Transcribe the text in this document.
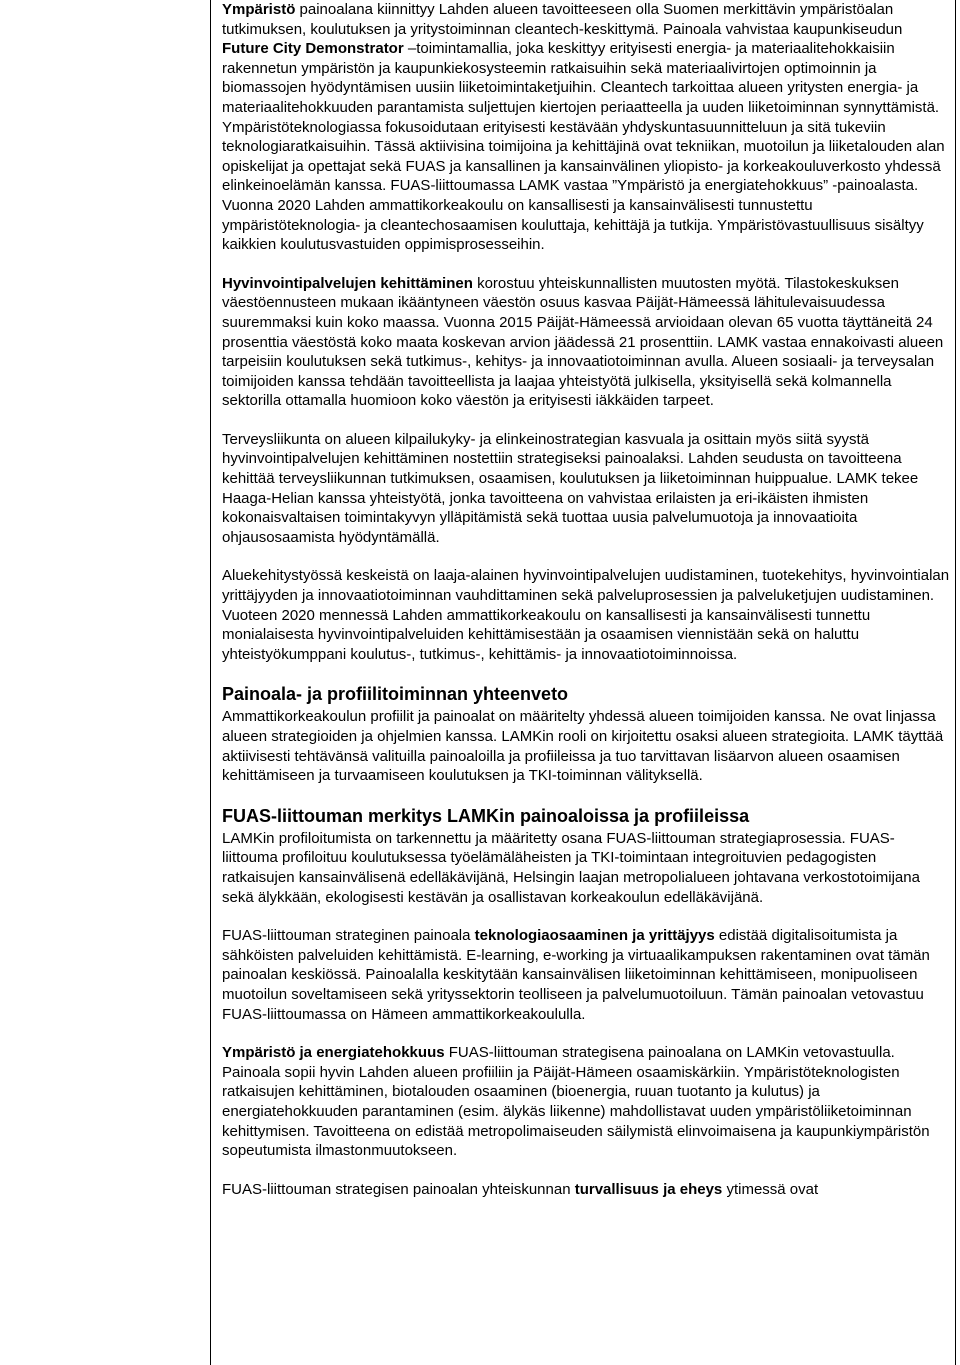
Ympäristö painoalana kiinnittyy Lahden alueen tavoitteeseen olla Suomen merkittävin ympäristöalan tutkimuksen, koulutuksen ja yritystoiminnan cleantech-keskittymä. Painoala vahvistaa kaupunkiseudun Future City Demonstrator –toimintamallia, joka keskittyy erityisesti energia- ja materiaalitehokkaisiin rakennetun ympäristön ja kaupunkiekosysteemin ratkaisuihin sekä materiaalivirtojen optimoinnin ja biomassojen hyödyntämisen uusiin liiketoimintaketjuihin. Cleantech tarkoittaa alueen yritysten energia- ja materiaalitehokkuuden parantamista suljettujen kiertojen periaatteella ja uuden liiketoiminnan synnyttämistä. Ympäristöteknologiassa fokusoidutaan erityisesti kestävään yhdyskuntasuunnitteluun ja sitä tukeviin teknologiaratkaisuihin. Tässä aktiivisina toimijoina ja kehittäjinä ovat tekniikan, muotoilun ja liiketalouden alan opiskelijat ja opettajat sekä FUAS ja kansallinen ja kansainvälinen yliopisto- ja korkeakouluverkosto yhdessä elinkeinoelämän kanssa. FUAS-liittoumassa LAMK vastaa ”Ympäristö ja energiatehokkuus” -painoalasta. Vuonna 2020 Lahden ammattikorkeakoulu on kansallisesti ja kansainvälisesti tunnustettu ympäristöteknologia- ja cleantechosaamisen kouluttaja, kehittäjä ja tutkija. Ympäristövastuullisuus sisältyy kaikkien koulutusvastuiden oppimisprosesseihin.

Hyvinvointipalvelujen kehittäminen korostuu yhteiskunnallisten muutosten myötä. Tilastokeskuksen väestöennusteen mukaan ikääntyneen väestön osuus kasvaa Päijät-Hämeessä lähitulevaisuudessa suuremmaksi kuin koko maassa. Vuonna 2015 Päijät-Hämeessä arvioidaan olevan 65 vuotta täyttäneitä 24 prosenttia väestöstä koko maata koskevan arvion jäädessä 21 prosenttiin. LAMK vastaa ennakoivasti alueen tarpeisiin koulutuksen sekä tutkimus-, kehitys- ja innovaatiotoiminnan avulla. Alueen sosiaali- ja terveysalan toimijoiden kanssa tehdään tavoitteellista ja laajaa yhteistyötä julkisella, yksityisellä sekä kolmannella sektorilla ottamalla huomioon koko väestön ja erityisesti iäkkäiden tarpeet.

Terveysliikunta on alueen kilpailukyky- ja elinkeinostrategian kasvuala ja osittain myös siitä syystä hyvinvointipalvelujen kehittäminen nostettiin strategiseksi painoalaksi. Lahden seudusta on tavoitteena kehittää terveysliikunnan tutkimuksen, osaamisen, koulutuksen ja liiketoiminnan huippualue. LAMK tekee Haaga-Helian kanssa yhteistyötä, jonka tavoitteena on vahvistaa erilaisten ja eri-ikäisten ihmisten kokonaisvaltaisen toimintakyvyn ylläpitämistä sekä tuottaa uusia palvelumuotoja ja innovaatioita ohjausosaamista hyödyntämällä.

Aluekehitystyössä keskeistä on laaja-alainen hyvinvointipalvelujen uudistaminen, tuotekehitys, hyvinvointialan yrittäjyyden ja innovaatiotoiminnan vauhdittaminen sekä palveluprosessien ja palveluketjujen uudistaminen. Vuoteen 2020 mennessä Lahden ammattikorkeakoulu on kansallisesti ja kansainvälisesti tunnettu monialaisesta hyvinvointipalveluiden kehittämisestään ja osaamisen viennistään sekä on haluttu yhteistyökumppani koulutus-, tutkimus-, kehittämis- ja innovaatiotoiminnoissa.

Painoala- ja profiilitoiminnan yhteenveto

Ammattikorkeakoulun profiilit ja painoalat on määritelty yhdessä alueen toimijoiden kanssa. Ne ovat linjassa alueen strategioiden ja ohjelmien kanssa. LAMKin rooli on kirjoitettu osaksi alueen strategioita. LAMK täyttää aktiivisesti tehtävänsä valituilla painoaloilla ja profiileissa ja tuo tarvittavan lisäarvon alueen osaamisen kehittämiseen ja turvaamiseen koulutuksen ja TKI-toiminnan välityksellä.

FUAS-liittouman merkitys LAMKin painoaloissa ja profiileissa

LAMKin profiloitumista on tarkennettu ja määritetty osana FUAS-liittouman strategiaprosessia. FUAS-liittouma profiloituu koulutuksessa työelämäläheisten ja TKI-toimintaan integroituvien pedagogisten ratkaisujen kansainvälisenä edelläkävijänä, Helsingin laajan metropolialueen johtavana verkostotoimijana sekä älykkään, ekologisesti kestävän ja osallistavan korkeakoulun edelläkävijänä.

FUAS-liittouman strateginen painoala teknologiaosaaminen ja yrittäjyys edistää digitalisoitumista ja sähköisten palveluiden kehittämistä. E-learning, e-working ja virtuaalikampuksen rakentaminen ovat tämän painoalan keskiössä. Painoalalla keskitytään kansainvälisen liiketoiminnan kehittämiseen, monipuoliseen muotoilun soveltamiseen sekä yrityssektorin teolliseen ja palvelumuotoiluun. Tämän painoalan vetovastuu FUAS-liittoumassa on Hämeen ammattikorkeakoululla.

Ympäristö ja energiatehokkuus FUAS-liittouman strategisena painoalana on LAMKin vetovastuulla. Painoala sopii hyvin Lahden alueen profiiliin ja Päijät-Hämeen osaamiskärkiin. Ympäristöteknologisten ratkaisujen kehittäminen, biotalouden osaaminen (bioenergia, ruuan tuotanto ja kulutus) ja energiatehokkuuden parantaminen (esim. älykäs liikenne) mahdollistavat uuden ympäristöliiketoiminnan kehittymisen. Tavoitteena on edistää metropolimaiseuden säilymistä elinvoimaisena ja kaupunkiympäristön sopeutumista ilmastonmuutokseen.

FUAS-liittouman strategisen painoalan yhteiskunnan turvallisuus ja eheys ytimessä ovat
